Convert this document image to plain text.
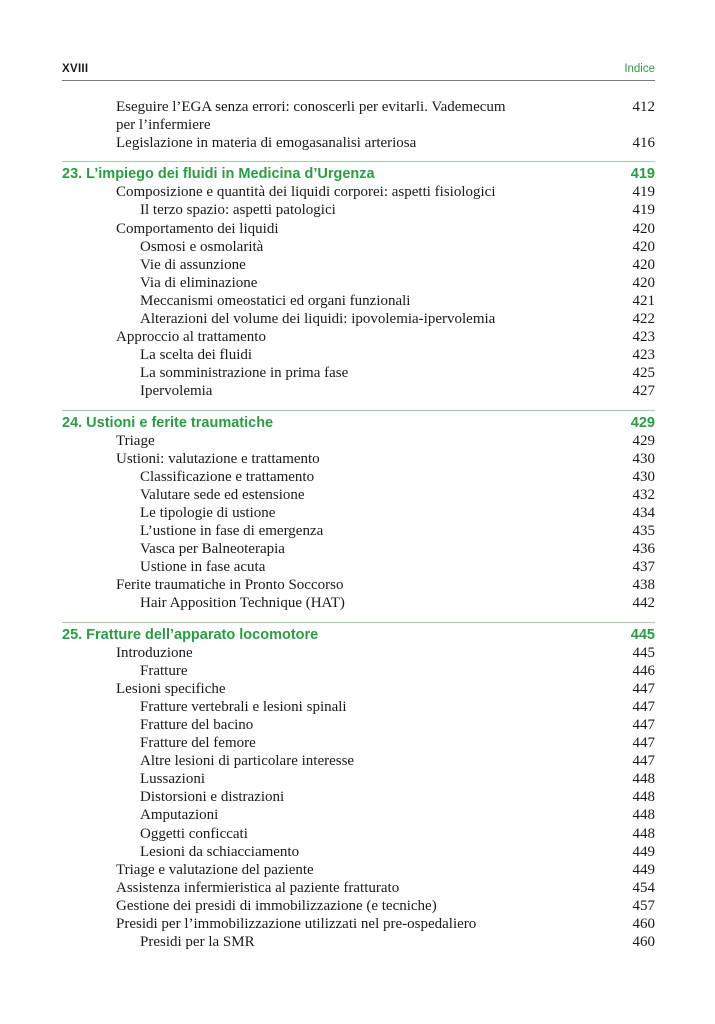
XVIII	Indice
Eseguire l’EGA senza errori: conoscerli per evitarli. Vademecum	412
per l’infermiere
Legislazione in materia di emogasanalisi arteriosa	416
23. L’impiego dei fluidi in Medicina d’Urgenza	419
Composizione e quantità dei liquidi corporei: aspetti fisiologici	419
Il terzo spazio: aspetti patologici	419
Comportamento dei liquidi	420
Osmosi e osmolarità	420
Vie di assunzione	420
Via di eliminazione	420
Meccanismi omeostatici ed organi funzionali	421
Alterazioni del volume dei liquidi: ipovolemia-ipervolemia	422
Approccio al trattamento	423
La scelta dei fluidi	423
La somministrazione in prima fase	425
Ipervolemia	427
24. Ustioni e ferite traumatiche	429
Triage	429
Ustioni: valutazione e trattamento	430
Classificazione e trattamento	430
Valutare sede ed estensione	432
Le tipologie di ustione	434
L’ustione in fase di emergenza	435
Vasca per Balneoterapia	436
Ustione in fase acuta	437
Ferite traumatiche in Pronto Soccorso	438
Hair Apposition Technique (HAT)	442
25. Fratture dell’apparato locomotore	445
Introduzione	445
Fratture	446
Lesioni specifiche	447
Fratture vertebrali e lesioni spinali	447
Fratture del bacino	447
Fratture del femore	447
Altre lesioni di particolare interesse	447
Lussazioni	448
Distorsioni e distrazioni	448
Amputazioni	448
Oggetti conficcati	448
Lesioni da schiacciamento	449
Triage e valutazione del paziente	449
Assistenza infermieristica al paziente fratturato	454
Gestione dei presidi di immobilizzazione (e tecniche)	457
Presidi per l’immobilizzazione utilizzati nel pre-ospedaliero	460
Presidi per la SMR	460
